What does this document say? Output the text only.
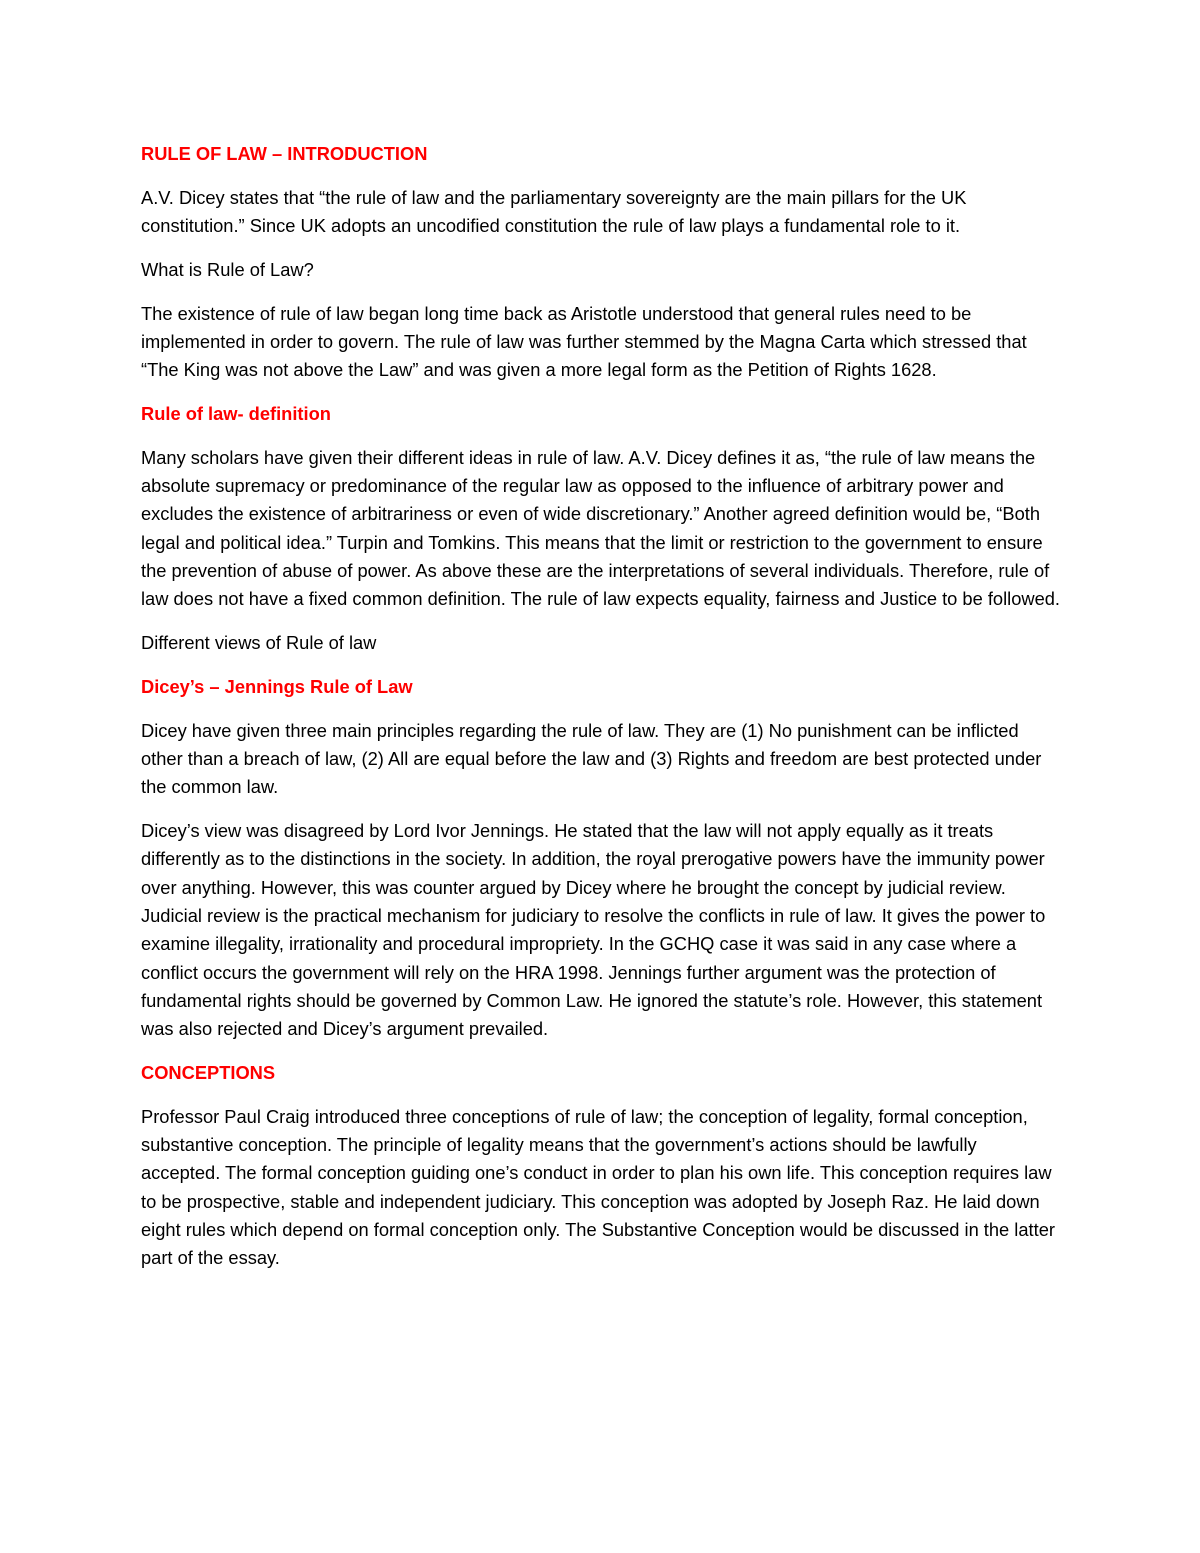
RULE OF LAW – INTRODUCTION

A.V. Dicey states that “the rule of law and the parliamentary sovereignty are the main pillars for the UK constitution.” Since UK adopts an uncodified constitution the rule of law plays a fundamental role to it.

What is Rule of Law?

The existence of rule of law began long time back as Aristotle understood that general rules need to be implemented in order to govern. The rule of law was further stemmed by the Magna Carta which stressed that “The King was not above the Law” and was given a more legal form as the Petition of Rights 1628.

Rule of law- definition

Many scholars have given their different ideas in rule of law. A.V. Dicey defines it as, “the rule of law means the absolute supremacy or predominance of the regular law as opposed to the influence of arbitrary power and excludes the existence of arbitrariness or even of wide discretionary.” Another agreed definition would be, “Both legal and political idea.” Turpin and Tomkins. This means that the limit or restriction to the government to ensure the prevention of abuse of power. As above these are the interpretations of several individuals. Therefore, rule of law does not have a fixed common definition. The rule of law expects equality, fairness and Justice to be followed.

Different views of Rule of law

Dicey’s – Jennings Rule of Law

Dicey have given three main principles regarding the rule of law. They are (1) No punishment can be inflicted other than a breach of law, (2) All are equal before the law and (3) Rights and freedom are best protected under the common law.

Dicey’s view was disagreed by Lord Ivor Jennings. He stated that the law will not apply equally as it treats differently as to the distinctions in the society. In addition, the royal prerogative powers have the immunity power over anything. However, this was counter argued by Dicey where he brought the concept by judicial review. Judicial review is the practical mechanism for judiciary to resolve the conflicts in rule of law. It gives the power to examine illegality, irrationality and procedural impropriety. In the GCHQ case it was said in any case where a conflict occurs the government will rely on the HRA 1998. Jennings further argument was the protection of fundamental rights should be governed by Common Law. He ignored the statute’s role. However, this statement was also rejected and Dicey’s argument prevailed.

CONCEPTIONS

Professor Paul Craig introduced three conceptions of rule of law; the conception of legality, formal conception, substantive conception. The principle of legality means that the government’s actions should be lawfully accepted. The formal conception guiding one’s conduct in order to plan his own life. This conception requires law to be prospective, stable and independent judiciary. This conception was adopted by Joseph Raz. He laid down eight rules which depend on formal conception only. The Substantive Conception would be discussed in the latter part of the essay.
